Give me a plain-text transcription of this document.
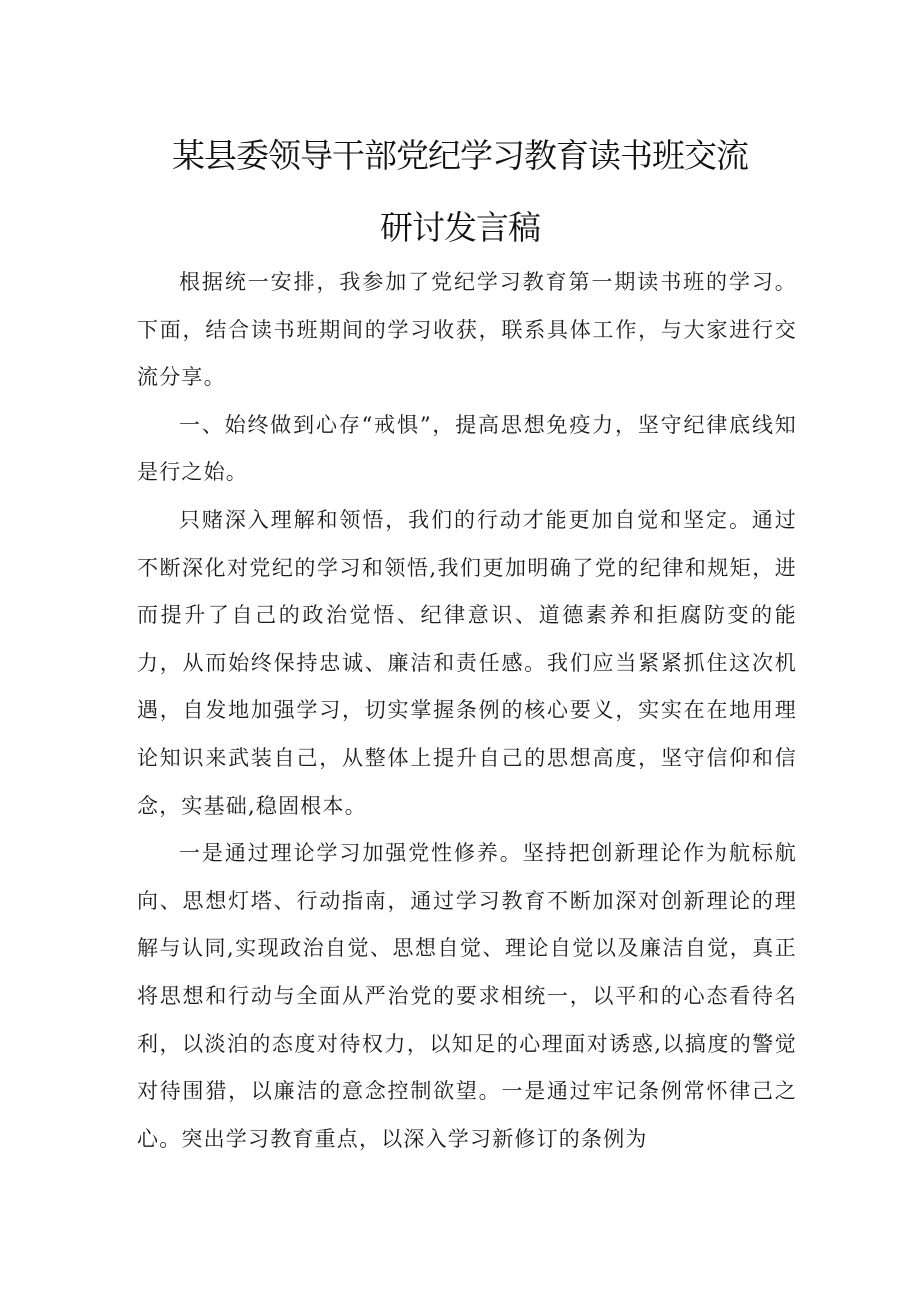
某县委领导干部党纪学习教育读书班交流
研讨发言稿

根据统一安排，我参加了党纪学习教育第一期读书班的学习。下面，结合读书班期间的学习收获，联系具体工作，与大家进行交流分享。

一、始终做到心存“戒惧”，提高思想免疫力，坚守纪律底线知是行之始。

只赌深入理解和领悟，我们的行动才能更加自觉和坚定。通过不断深化对党纪的学习和领悟,我们更加明确了党的纪律和规矩，进而提升了自己的政治觉悟、纪律意识、道德素养和拒腐防变的能力，从而始终保持忠诚、廉洁和责任感。我们应当紧紧抓住这次机遇，自发地加强学习，切实掌握条例的核心要义，实实在在地用理论知识来武装自己，从整体上提升自己的思想高度，坚守信仰和信念，实基础,稳固根本。

一是通过理论学习加强党性修养。坚持把创新理论作为航标航向、思想灯塔、行动指南，通过学习教育不断加深对创新理论的理解与认同,实现政治自觉、思想自觉、理论自觉以及廉洁自觉，真正将思想和行动与全面从严治党的要求相统一，以平和的心态看待名利，以淡泊的态度对待权力，以知足的心理面对诱惑,以搞度的警觉对待围猎，以廉洁的意念控制欲望。一是通过牢记条例常怀律己之心。突出学习教育重点，以深入学习新修订的条例为
